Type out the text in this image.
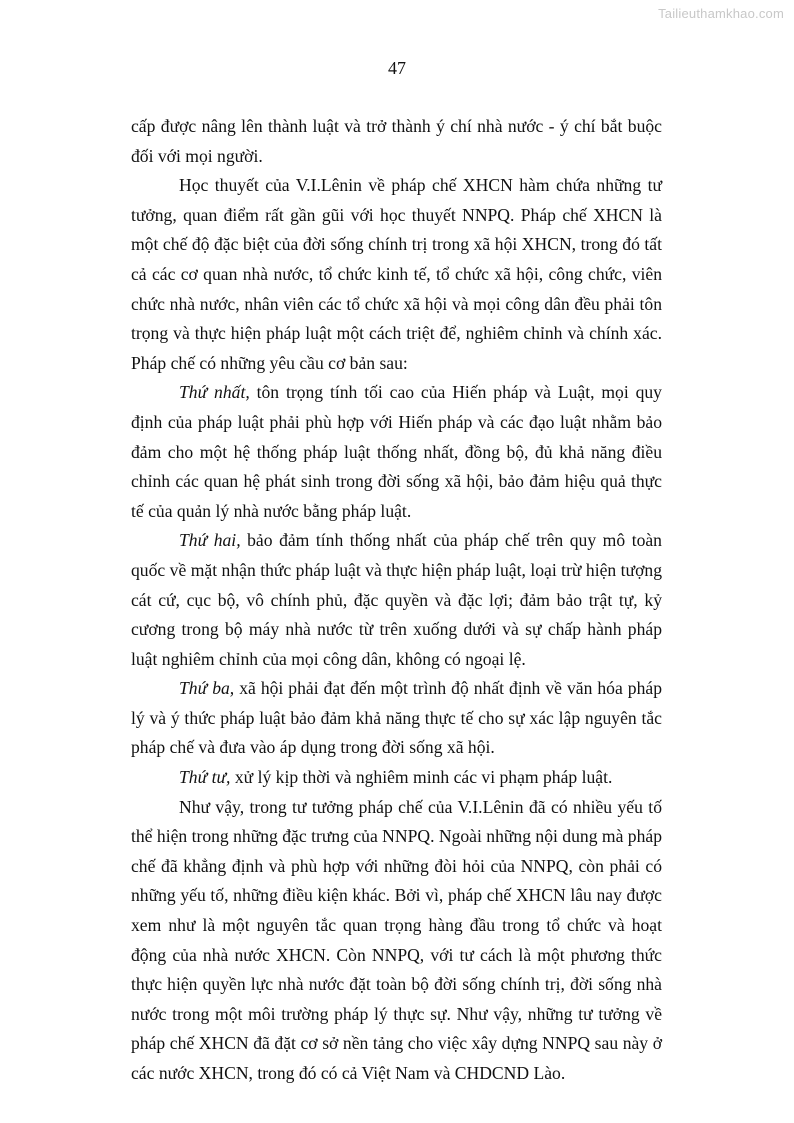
Tailieuthamkhao.com
47

cấp được nâng lên thành luật và trở thành ý chí nhà nước - ý chí bắt buộc đối với mọi người.

Học thuyết của V.I.Lênin về pháp chế XHCN hàm chứa những tư tưởng, quan điểm rất gần gũi với học thuyết NNPQ. Pháp chế XHCN là một chế độ đặc biệt của đời sống chính trị trong xã hội XHCN, trong đó tất cả các cơ quan nhà nước, tổ chức kinh tế, tổ chức xã hội, công chức, viên chức nhà nước, nhân viên các tổ chức xã hội và mọi công dân đều phải tôn trọng và thực hiện pháp luật một cách triệt để, nghiêm chỉnh và chính xác. Pháp chế có những yêu cầu cơ bản sau:

Thứ nhất, tôn trọng tính tối cao của Hiến pháp và Luật, mọi quy định của pháp luật phải phù hợp với Hiến pháp và các đạo luật nhằm bảo đảm cho một hệ thống pháp luật thống nhất, đồng bộ, đủ khả năng điều chỉnh các quan hệ phát sinh trong đời sống xã hội, bảo đảm hiệu quả thực tế của quản lý nhà nước bằng pháp luật.

Thứ hai, bảo đảm tính thống nhất của pháp chế trên quy mô toàn quốc về mặt nhận thức pháp luật và thực hiện pháp luật, loại trừ hiện tượng cát cứ, cục bộ, vô chính phủ, đặc quyền và đặc lợi; đảm bảo trật tự, kỷ cương trong bộ máy nhà nước từ trên xuống dưới và sự chấp hành pháp luật nghiêm chỉnh của mọi công dân, không có ngoại lệ.

Thứ ba, xã hội phải đạt đến một trình độ nhất định về văn hóa pháp lý và ý thức pháp luật bảo đảm khả năng thực tế cho sự xác lập nguyên tắc pháp chế và đưa vào áp dụng trong đời sống xã hội.

Thứ tư, xử lý kịp thời và nghiêm minh các vi phạm pháp luật.

Như vậy, trong tư tưởng pháp chế của V.I.Lênin đã có nhiều yếu tố thể hiện trong những đặc trưng của NNPQ. Ngoài những nội dung mà pháp chế đã khẳng định và phù hợp với những đòi hỏi của NNPQ, còn phải có những yếu tố, những điều kiện khác. Bởi vì, pháp chế XHCN lâu nay được xem như là một nguyên tắc quan trọng hàng đầu trong tổ chức và hoạt động của nhà nước XHCN. Còn NNPQ, với tư cách là một phương thức thực hiện quyền lực nhà nước đặt toàn bộ đời sống chính trị, đời sống nhà nước trong một môi trường pháp lý thực sự. Như vậy, những tư tưởng về pháp chế XHCN đã đặt cơ sở nền tảng cho việc xây dựng NNPQ sau này ở các nước XHCN, trong đó có cả Việt Nam và CHDCND Lào.
